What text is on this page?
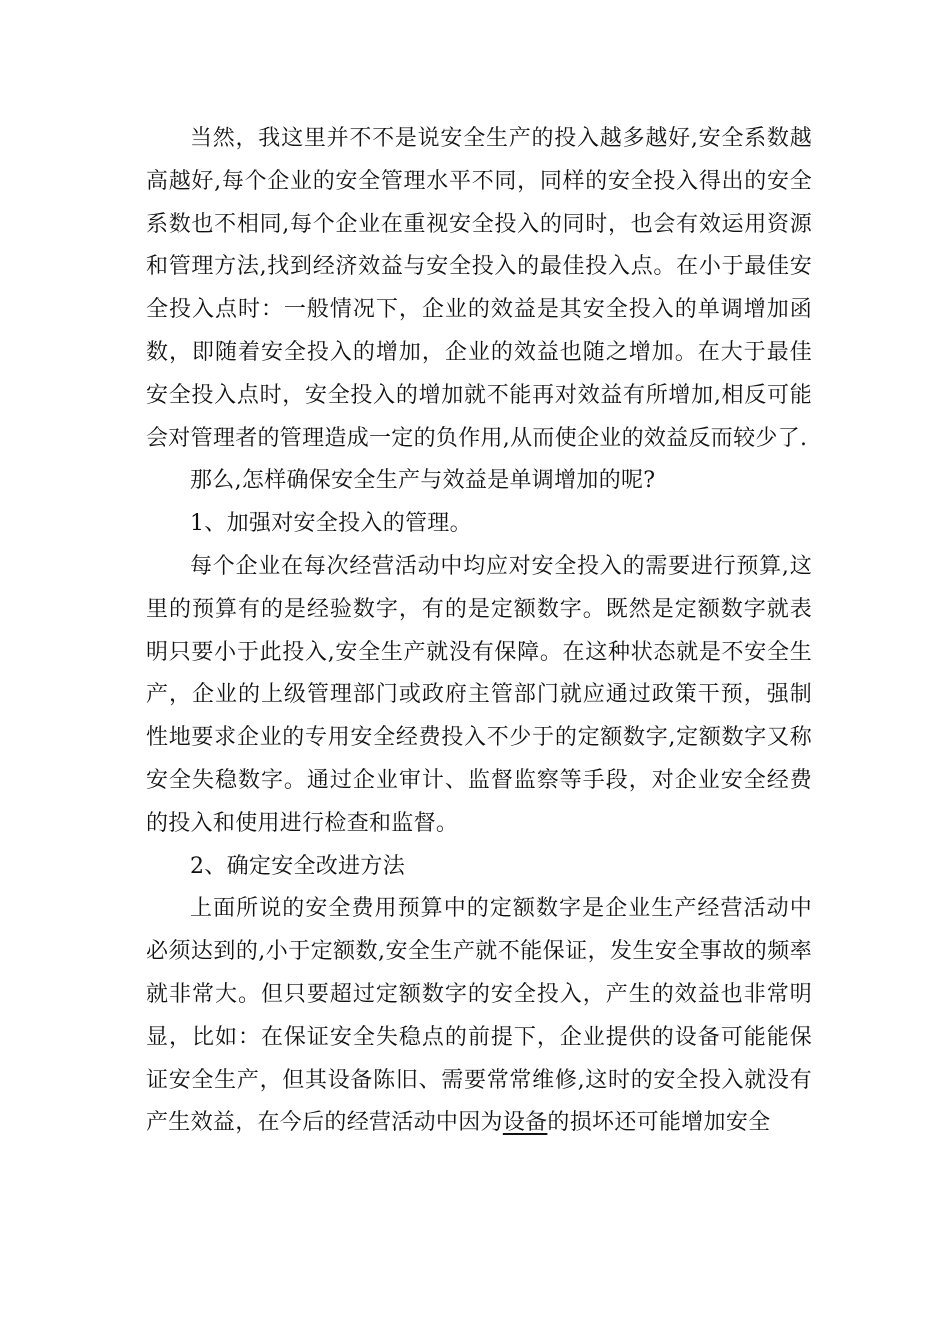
当然，我这里并不不是说安全生产的投入越多越好,安全系数越高越好,每个企业的安全管理水平不同，同样的安全投入得出的安全系数也不相同,每个企业在重视安全投入的同时，也会有效运用资源和管理方法,找到经济效益与安全投入的最佳投入点。在小于最佳安全投入点时：一般情况下，企业的效益是其安全投入的单调增加函数，即随着安全投入的增加，企业的效益也随之增加。在大于最佳安全投入点时，安全投入的增加就不能再对效益有所增加,相反可能会对管理者的管理造成一定的负作用,从而使企业的效益反而较少了.

那么,怎样确保安全生产与效益是单调增加的呢?

1、加强对安全投入的管理。

每个企业在每次经营活动中均应对安全投入的需要进行预算,这里的预算有的是经验数字，有的是定额数字。既然是定额数字就表明只要小于此投入,安全生产就没有保障。在这种状态就是不安全生产，企业的上级管理部门或政府主管部门就应通过政策干预，强制性地要求企业的专用安全经费投入不少于的定额数字,定额数字又称安全失稳数字。通过企业审计、监督监察等手段，对企业安全经费的投入和使用进行检查和监督。

2、确定安全改进方法

上面所说的安全费用预算中的定额数字是企业生产经营活动中必须达到的,小于定额数,安全生产就不能保证，发生安全事故的频率就非常大。但只要超过定额数字的安全投入，产生的效益也非常明显，比如：在保证安全失稳点的前提下，企业提供的设备可能能保证安全生产，但其设备陈旧、需要常常维修,这时的安全投入就没有产生效益，在今后的经营活动中因为设备的损坏还可能增加安全
